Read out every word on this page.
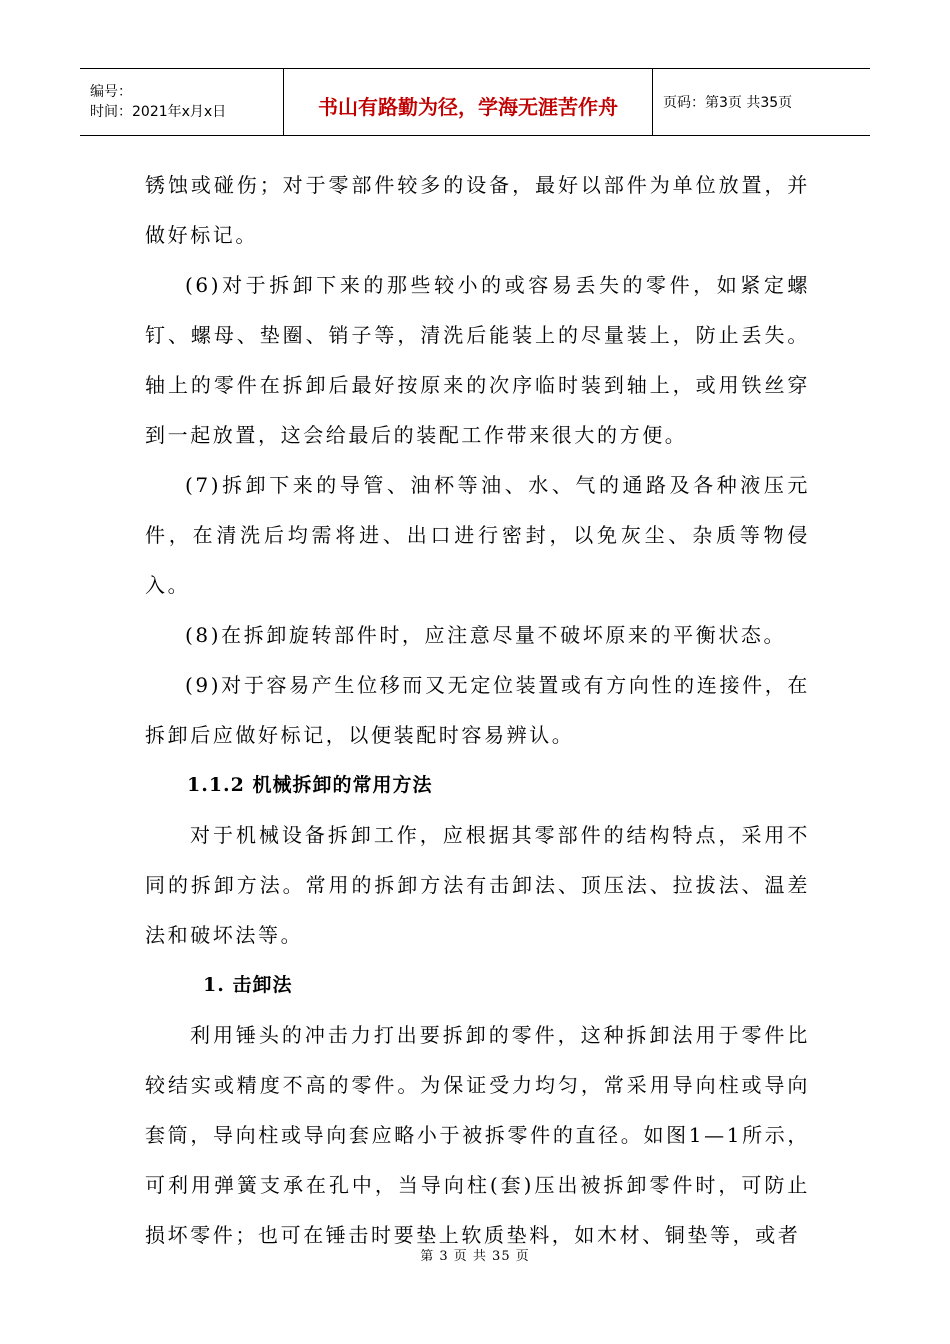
编号：
时间：2021年x月x日	书山有路勤为径，学海无涯苦作舟	页码：第3页 共35页

锈蚀或碰伤；对于零部件较多的设备，最好以部件为单位放置，并做好标记。

(6)对于拆卸下来的那些较小的或容易丢失的零件，如紧定螺钉、螺母、垫圈、销子等，清洗后能装上的尽量装上，防止丢失。轴上的零件在拆卸后最好按原来的次序临时装到轴上，或用铁丝穿到一起放置，这会给最后的装配工作带来很大的方便。

(7)拆卸下来的导管、油杯等油、水、气的通路及各种液压元件，在清洗后均需将进、出口进行密封，以免灰尘、杂质等物侵入。

(8)在拆卸旋转部件时，应注意尽量不破坏原来的平衡状态。

(9)对于容易产生位移而又无定位装置或有方向性的连接件，在拆卸后应做好标记，以便装配时容易辨认。

1.1.2 机械拆卸的常用方法

对于机械设备拆卸工作，应根据其零部件的结构特点，采用不同的拆卸方法。常用的拆卸方法有击卸法、顶压法、拉拔法、温差法和破坏法等。

1. 击卸法

利用锤头的冲击力打出要拆卸的零件，这种拆卸法用于零件比较结实或精度不高的零件。为保证受力均匀，常采用导向柱或导向套筒，导向柱或导向套应略小于被拆零件的直径。如图1—1所示，可利用弹簧支承在孔中，当导向柱(套)压出被拆卸零件时，可防止损坏零件；也可在锤击时要垫上软质垫料，如木材、铜垫等，或者

第 3 页 共 35 页
